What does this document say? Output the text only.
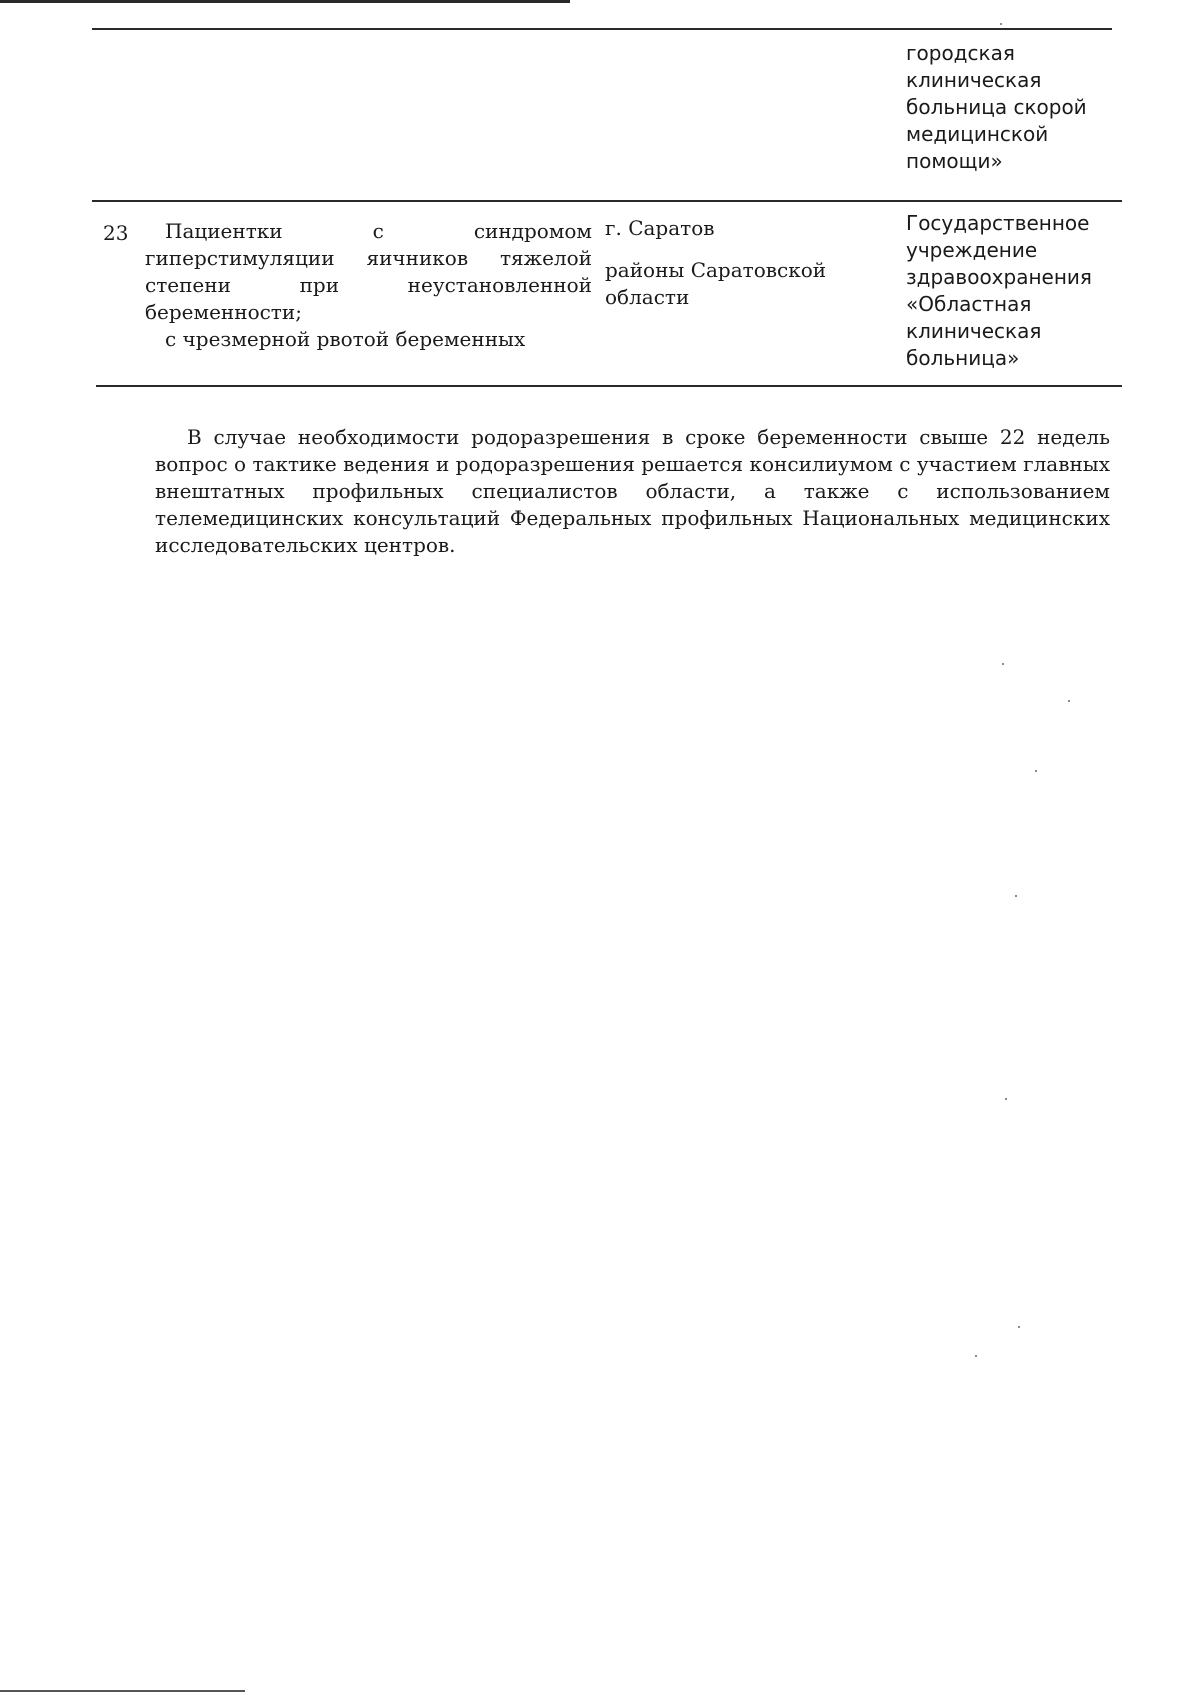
городская клиническая больница скорой медицинской помощи»
23	Пациентки с синдромом
гиперстимуляции яичников тяжелой
степени при неустановленной
беременности;
с чрезмерной рвотой беременных
г. Саратов
районы Саратовской области
Государственное учреждение здравоохранения «Областная клиническая больница»
В случае необходимости родоразрешения в сроке беременности свыше 22 недель вопрос о тактике ведения и родоразрешения решается консилиумом с участием главных внештатных профильных специалистов области, а также с использованием телемедицинских консультаций Федеральных профильных Национальных медицинских исследовательских центров.
